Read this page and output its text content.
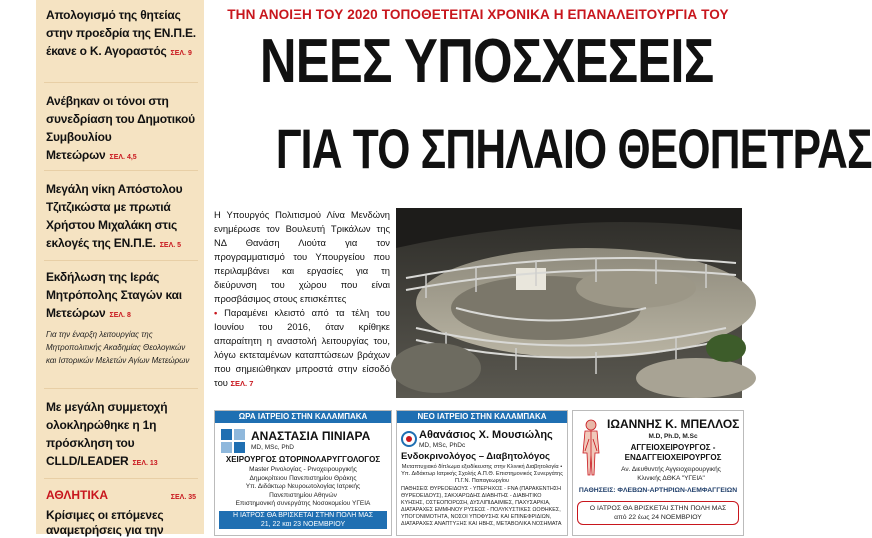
Απολογισμό της θητείας στην προεδρία της ΕΝ.Π.Ε. έκανε ο Κ. Αγοραστός ΣΕΛ. 9
Ανέβηκαν οι τόνοι στη συνεδρίαση του Δημοτικού Συμβουλίου Μετεώρων ΣΕΛ. 4,5
Μεγάλη νίκη Απόστολου Τζιτζικώστα με πρωτιά Χρήστου Μιχαλάκη στις εκλογές της ΕΝ.Π.Ε. ΣΕΛ. 5
Εκδήλωση της Ιεράς Μητρόπολης Σταγών και Μετεώρων ΣΕΛ. 8
Για την έναρξη λειτουργίας της Μητροπολιτικής Ακαδημίας Θεολογικών και Ιστορικών Μελετών Αγίων Μετεώρων
Με μεγάλη συμμετοχή ολοκληρώθηκε η 1η πρόσκληση του CLLD/LEADER ΣΕΛ. 13
ΑΘΛΗΤΙΚΑ	ΣΕΛ. 35
Κρίσιμες οι επόμενες αναμετρήσεις για την
ΤΗΝ ΑΝΟΙΞΗ ΤΟΥ 2020 ΤΟΠΟΘΕΤΕΙΤΑΙ ΧΡΟΝΙΚΑ Η ΕΠΑΝΑΛΕΙΤΟΥΡΓΙΑ ΤΟΥ
ΝΕΕΣ ΥΠΟΣΧΕΣΕΙΣ
ΓΙΑ ΤΟ ΣΠΗΛΑΙΟ ΘΕΟΠΕΤΡΑΣ

Η Υπουργός Πολιτισμού Λίνα Μενδώνη ενημέρωσε τον Βουλευτή Τρικάλων της ΝΔ Θανάση Λιούτα για τον προγραμματισμό του Υπουργείου που περιλαμβάνει και εργασίες για τη διεύρυνση του χώρου που είναι προσβάσιμος στους επισκέπτες

• Παραμένει κλειστό από τα τέλη του Ιουνίου του 2016, όταν κρίθηκε απαραίτητη η αναστολή λειτουργίας του, λόγω εκτεταμένων καταπτώσεων βράχων που σημειώθηκαν μπροστά στην είσοδό του ΣΕΛ. 7

ΩΡΑ ΙΑΤΡΕΙΟ ΣΤΗΝ ΚΑΛΑΜΠΑΚΑ
ΑΝΑΣΤΑΣΙΑ ΠΙΝΙΑΡΑ
MD, MSc, PhD
ΧΕΙΡΟΥΡΓΟΣ ΩΤΟΡΙΝΟΛΑΡΥΓΓΟΛΟΓΟΣ
Master Ρινολογίας - Ρινοχειρουργικής
Δημοκρίτειου Πανεπιστημίου Θράκης
Υπ. Διδάκτωρ Νευροωτολογίας Ιατρικής
Πανεπιστημίου Αθηνών
Επιστημονική συνεργάτης Νοσοκομείου ΥΓΕΙΑ
Η ΙΑΤΡΟΣ ΘΑ ΒΡΙΣΚΕΤΑΙ ΣΤΗΝ ΠΟΛΗ ΜΑΣ
21, 22 και 23 ΝΟΕΜΒΡΙΟΥ
ΝΕΟ ΙΑΤΡΕΙΟ ΣΤΗΝ ΚΑΛΑΜΠΑΚΑ
Αθανάσιος Χ. Μουσιώλης
MD, MSc, PhDc
Ενδοκρινολόγος – Διαβητολόγος
Μεταπτυχιακό δίπλωμα εξειδίκευσης στην Κλινική Διαβητολογία • Υπ. Διδάκτωρ Ιατρικής Σχολής Α.Π.Θ. Επιστημονικός Συνεργάτης Π.Γ.Ν. Παπαγεωργίου
ΠΑΘΗΣΕΙΣ ΘΥΡΕΟΕΙΔΟΥΣ - ΥΠΕΡΗΧΟΣ - FNA (ΠΑΡΑΚΕΝΤΗΣΗ ΘΥΡΕΟΕΙΔΟΥΣ), ΣΑΚΧΑΡΩΔΗΣ ΔΙΑΒΗΤΗΣ - ΔΙΑΒΗΤΙΚΟ ΚΥΗΣΗΣ, ΟΣΤΕΟΠΟΡΩΣΗ, ΔΥΣΛΙΠΙΔΑΙΜΙΕΣ, ΠΑΧΥΣΑΡΚΙΑ, ΔΙΑΤΑΡΑΧΕΣ ΕΜΜΗΝΟΥ ΡΥΣΕΩΣ - ΠΟΛΥΚΥΣΤΙΚΕΣ ΩΟΘΗΚΕΣ, ΥΠΟΓΟΝΙΜΟΤΗΤΑ, ΝΟΣΟΙ ΥΠΟΦΥΣΗΣ ΚΑΙ ΕΠΙΝΕΦΡΙΔΙΩΝ, ΔΙΑΤΑΡΑΧΕΣ ΑΝΑΠΤΥΞΗΣ ΚΑΙ ΗΒΗΣ, ΜΕΤΑΒΟΛΙΚΑ ΝΟΣΗΜΑΤΑ
ΙΩΑΝΝΗΣ Κ. ΜΠΕΛΛΟΣ
M.D, Ph.D, M.Sc
ΑΓΓΕΙΟΧΕΙΡΟΥΡΓΟΣ -
ΕΝΔΑΓΓΕΙΟΧΕΙΡΟΥΡΓΟΣ
Αν. Διευθυντής Αγγειοχειρουργικής
Κλινικής ΔΘΚΑ "ΥΓΕΙΑ"
ΠΑΘΗΣΕΙΣ: ΦΛΕΒΩΝ-ΑΡΤΗΡΙΩΝ-ΛΕΜΦΑΓΓΕΙΩΝ
Ο ΙΑΤΡΟΣ ΘΑ ΒΡΙΣΚΕΤΑΙ ΣΤΗΝ ΠΟΛΗ ΜΑΣ
από 22 έως 24 ΝΟΕΜΒΡΙΟΥ
